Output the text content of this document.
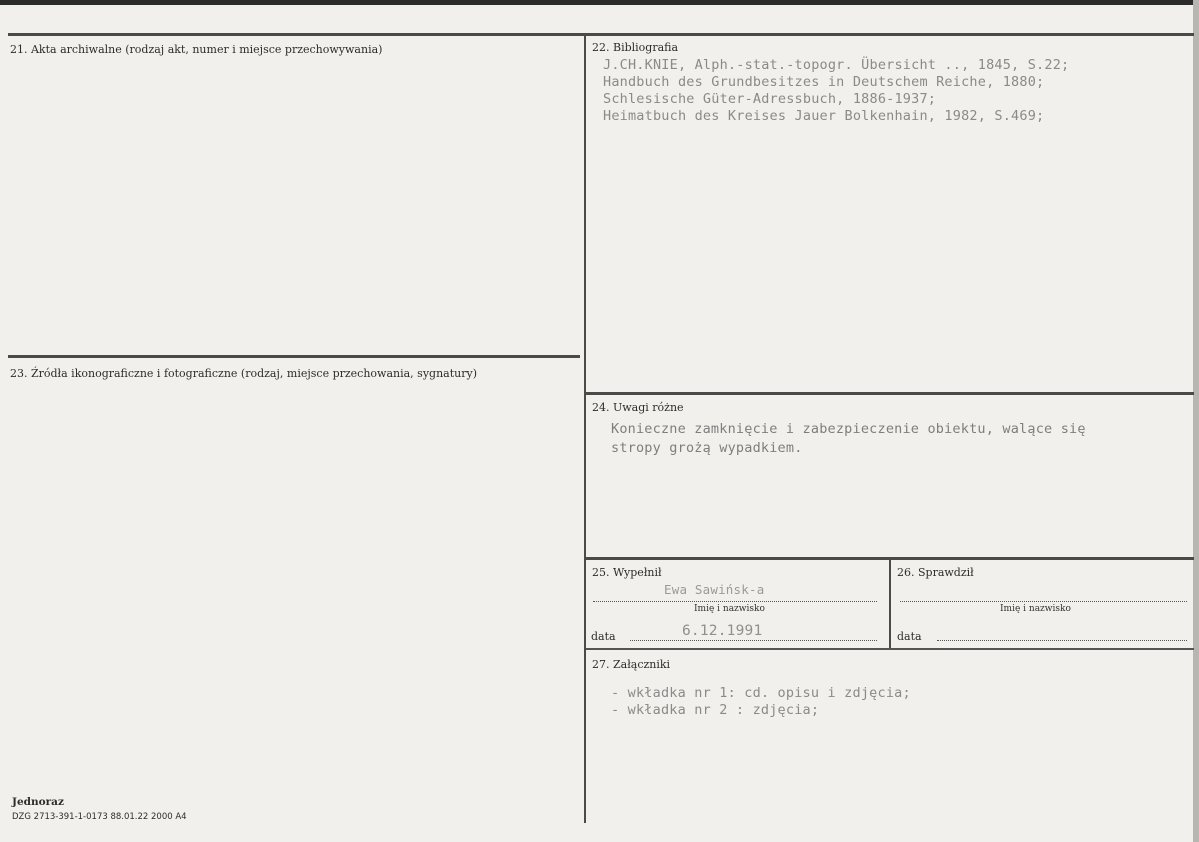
21. Akta archiwalne (rodzaj akt, numer i miejsce przechowywania)	22. Bibliografia
J.CH.KNIE, Alph.-stat.-topogr. Übersicht .., 1845, S.22;
Handbuch des Grundbesitzes in Deutschem Reiche, 1880;
Schlesische Güter-Adressbuch, 1886-1937;
Heimatbuch des Kreises Jauer Bolkenhain, 1982, S.469;
23. Źródła ikonograficzne i fotograficzne (rodzaj, miejsce przechowania, sygnatury)
24. Uwagi różne
Konieczne zamknięcie i zabezpieczenie obiektu, walące się
stropy grożą wypadkiem.
25. Wypełnił
Ewa Sawińsk-a
Imię i nazwisko
data	6.12.1991
26. Sprawdził
Imię i nazwisko
data
27. Załączniki
- wkładka nr 1: cd. opisu i zdjęcia;
- wkładka nr 2 : zdjęcia;
Jednoraz
DZG 2713-391-1-0173 88.01.22 2000 A4
